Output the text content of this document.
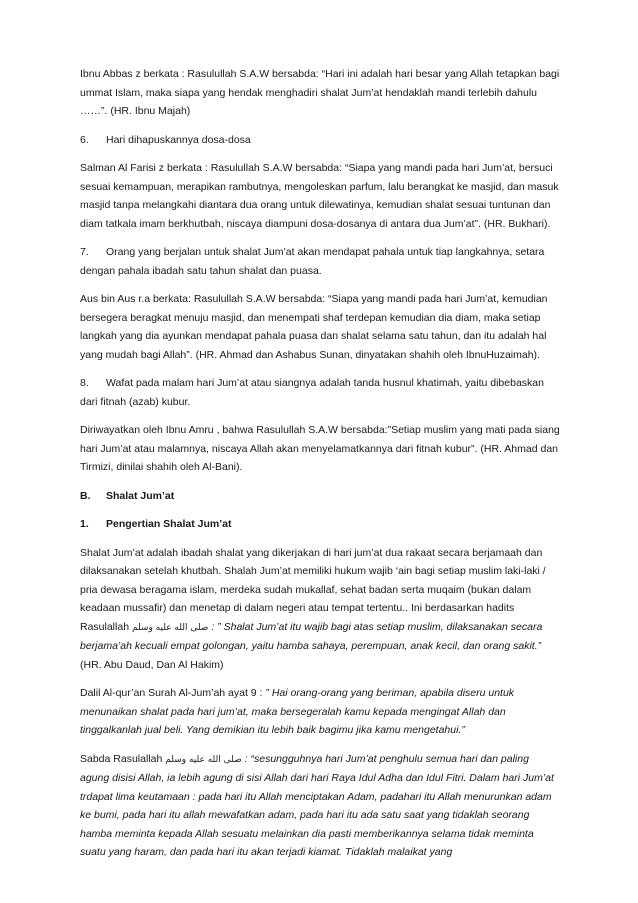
Ibnu Abbas z berkata : Rasulullah S.A.W bersabda: “Hari ini adalah hari besar yang Allah tetapkan bagi ummat Islam, maka siapa yang hendak menghadiri shalat Jum’at hendaklah mandi terlebih dahulu ……”. (HR. Ibnu Majah)

6. Hari dihapuskannya dosa-dosa

Salman Al Farisi z berkata : Rasulullah S.A.W bersabda: “Siapa yang mandi pada hari Jum’at, bersuci sesuai kemampuan, merapikan rambutnya, mengoleskan parfum, lalu berangkat ke masjid, dan masuk masjid tanpa melangkahi diantara dua orang untuk dilewatinya, kemudian shalat sesuai tuntunan dan diam tatkala imam berkhutbah, niscaya diampuni dosa-dosanya di antara dua Jum’at”. (HR. Bukhari).

7. Orang yang berjalan untuk shalat Jum’at akan mendapat pahala untuk tiap langkahnya, setara dengan pahala ibadah satu tahun shalat dan puasa.

Aus bin Aus r.a berkata: Rasulullah S.A.W bersabda: “Siapa yang mandi pada hari Jum’at, kemudian bersegera beragkat menuju masjid, dan menempati shaf terdepan kemudian dia diam, maka setiap langkah yang dia ayunkan mendapat pahala puasa dan shalat selama satu tahun, dan itu adalah hal yang mudah bagi Allah”. (HR. Ahmad dan Ashabus Sunan, dinyatakan shahih oleh IbnuHuzaimah).

8. Wafat pada malam hari Jum’at atau siangnya adalah tanda husnul khatimah, yaitu dibebaskan dari fitnah (azab) kubur.

Diriwayatkan oleh Ibnu Amru , bahwa Rasulullah S.A.W bersabda:”Setiap muslim yang mati pada siang hari Jum’at atau malamnya, niscaya Allah akan menyelamatkannya dari fitnah kubur”. (HR. Ahmad dan Tirmizi, dinilai shahih oleh Al-Bani).

B. Shalat Jum’at

1. Pengertian Shalat Jum’at

Shalat Jum’at adalah ibadah shalat yang dikerjakan di hari jum’at dua rakaat secara berjamaah dan dilaksanakan setelah khutbah. Shalah Jum’at memiliki hukum wajib ‘ain bagi setiap muslim laki-laki / pria dewasa beragama islam, merdeka sudah mukallaf, sehat badan serta muqaim (bukan dalam keadaan mussafir) dan menetap di dalam negeri atau tempat tertentu.. Ini berdasarkan hadits Rasulallah صلى الله عليه وسلم : ” Shalat Jum’at itu wajib bagi atas setiap muslim, dilaksanakan secara berjama’ah kecuali empat golongan, yaitu hamba sahaya, perempuan, anak kecil, dan orang sakit.” (HR. Abu Daud, Dan Al Hakim)

Dalil Al-qur’an Surah Al-Jum’ah ayat 9 : ” Hai orang-orang yang beriman, apabila diseru untuk menunaikan shalat pada hari jum’at, maka bersegeralah kamu kepada mengingat Allah dan tinggalkanlah jual beli. Yang demikian itu lebih baik bagimu jika kamu mengetahui.”

Sabda Rasulallah صلى الله عليه وسلم : “sesungguhnya hari Jum’at penghulu semua hari dan paling agung disisi Allah, ia lebih agung di sisi Allah dari hari Raya Idul Adha dan Idul Fitri. Dalam hari Jum’at trdapat lima keutamaan : pada hari itu Allah menciptakan Adam, padahari itu Allah menurunkan adam ke bumi, pada hari itu allah mewafatkan adam, pada hari itu ada satu saat yang tidaklah seorang hamba meminta kepada Allah sesuatu melainkan dia pasti memberikannya selama tidak meminta suatu yang haram, dan pada hari itu akan terjadi kiamat. Tidaklah malaikat yang
